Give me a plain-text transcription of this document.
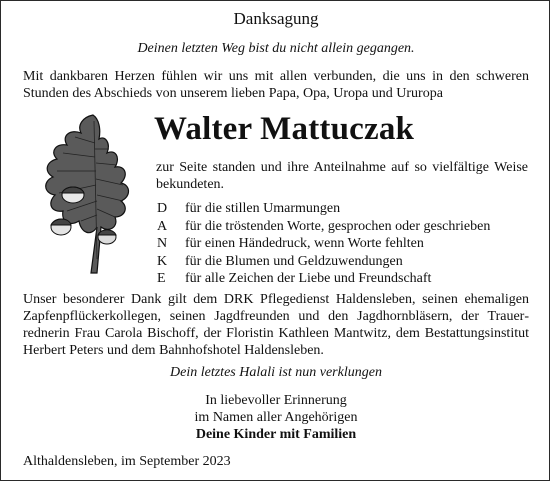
Danksagung

Deinen letzten Weg bist du nicht allein gegangen.

Mit dankbaren Herzen fühlen wir uns mit allen verbunden, die uns in den schweren Stunden des Abschieds von unserem lieben Papa, Opa, Uropa und Ururopa

Walter Mattuczak

zur Seite standen und ihre Anteilnahme auf so vielfältige Weise bekundeten.

D	für die stillen Umarmungen
A	für die tröstenden Worte, gesprochen oder geschrieben
N	für einen Händedruck, wenn Worte fehlten
K	für die Blumen und Geldzuwendungen
E	für alle Zeichen der Liebe und Freundschaft

Unser besonderer Dank gilt dem DRK Pflegedienst Haldensleben, seinen ehemaligen Zapfenpflückerkollegen, seinen Jagdfreunden und den Jagdhornbläsern, der Trauerrednerin Frau Carola Bischoff, der Floristin Kathleen Mantwitz, dem Bestattungsinstitut Herbert Peters und dem Bahnhofshotel Haldensleben.

Dein letztes Halali ist nun verklungen

In liebevoller Erinnerung

im Namen aller Angehörigen

Deine Kinder mit Familien

Althaldensleben, im September 2023
